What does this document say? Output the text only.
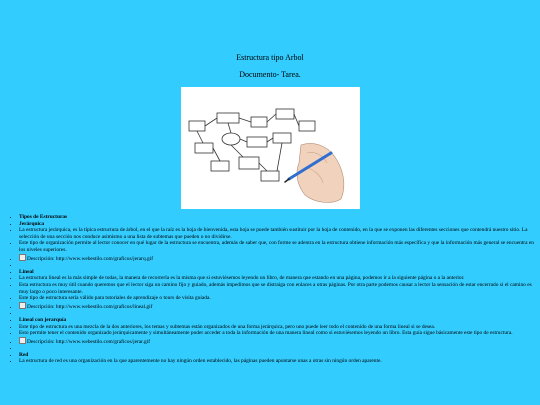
Estructura tipo Arbol
Documento- Tarea.
• Tipos de Estructuras
• Jerárquica
• La estructura jerárquica, es la típica estructura de árbol, en el que la raíz es la hoja de bienvenida, esta hoja se puede también sustituir por la hoja de contenido, en la que se exponen las diferentes secciones que contendrá nuestro sitio. La selección de una sección nos conduce asimismo a una lista de subtemas que pueden o no dividirse.
• Este tipo de organización permite al lector conocer en qué lugar de la estructura se encuentra, además de saber que, con forme se adentra en la estructura obtiene información más específica y que la información más general se encuentra en los niveles superiores.
• Descripción: http://www.webestilo.com/graficos/jerarq.gif
•
• Lineal
• La estructura lineal es la más simple de todas, la manera de recorrerla es la misma que si estuviésemos leyendo un libro, de manera que estando en una página, podemos ir a la siguiente página o a la anterior.
• Esta estructura es muy útil cuando queremos que el lector siga un camino fijo y guiado, además impedimos que se distraiga con enlaces a otras páginas. Por otra parte podemos causar a lector la sensación de estar encerrado si el camino es muy largo o poco interesante.
• Este tipo de estructura sería válido para tutoriales de aprendizaje o tours de visita guiada.
• Descripción: http://www.webestilo.com/graficos/lineal.gif
•
• Lineal con jerarquía
• Este tipo de estructura es una mezcla de la dos anteriores, los temas y subtemas están organizados de una forma jerárquica, pero uno puede leer todo el contenido de una forma lineal si se desea.
• Esto permite tener el contenido organizado jerárquicamente y simultáneamente poder acceder a toda la información de una manera lineal como si estuviésemos leyendo un libro. Esta guía sigue básicamente este tipo de estructura.
• Descripción: http://www.webestilo.com/graficos/jerar.gif
•
• Red
• La estructura de red es una organización en la que aparentemente no hay ningún orden establecido, las páginas pueden apuntarse unas a otras sin ningún orden aparente.
